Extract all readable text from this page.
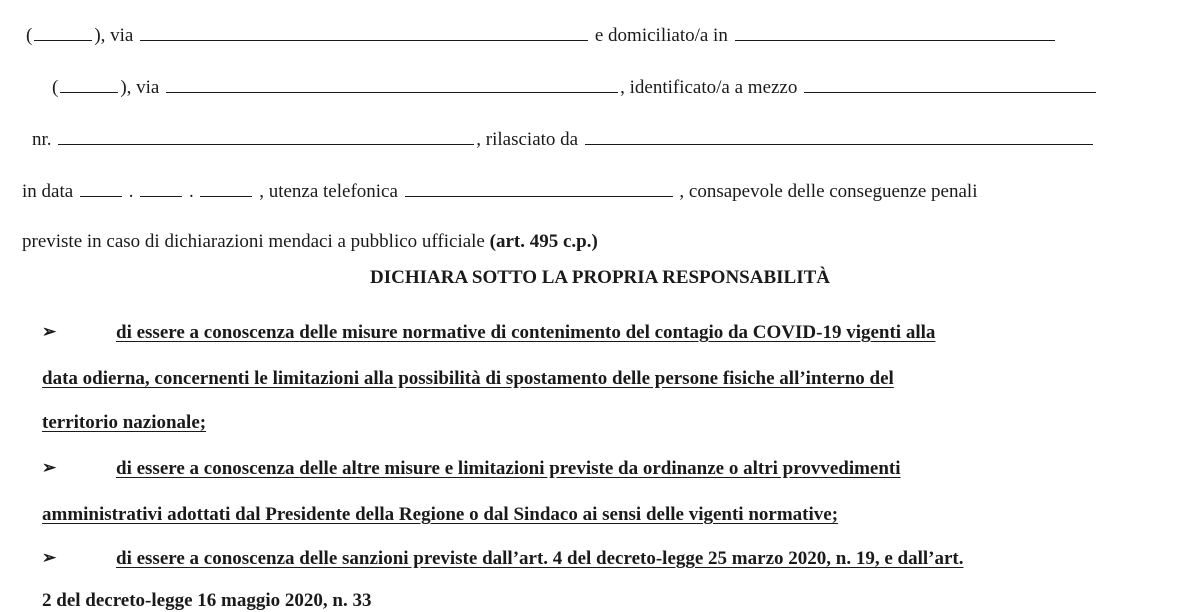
(	), via	e domiciliato/a in
(	), via	, identificato/a a mezzo
nr.	, rilasciato da
in data	.	.	, utenza telefonica	, consapevole delle conseguenze penali
previste in caso di dichiarazioni mendaci a pubblico ufficiale (art. 495 c.p.)
DICHIARA SOTTO LA PROPRIA RESPONSABILITÀ
➢	di essere a conoscenza delle misure normative di contenimento del contagio da COVID-19 vigenti alla
data odierna, concernenti le limitazioni alla possibilità di spostamento delle persone fisiche all’interno del
territorio nazionale;
➢	di essere a conoscenza delle altre misure e limitazioni previste da ordinanze o altri provvedimenti
amministrativi adottati dal Presidente della Regione o dal Sindaco ai sensi delle vigenti normative;
➢	di essere a conoscenza delle sanzioni previste dall’art. 4 del decreto-legge 25 marzo 2020, n. 19, e dall’art.
2 del decreto-legge 16 maggio 2020, n. 33
